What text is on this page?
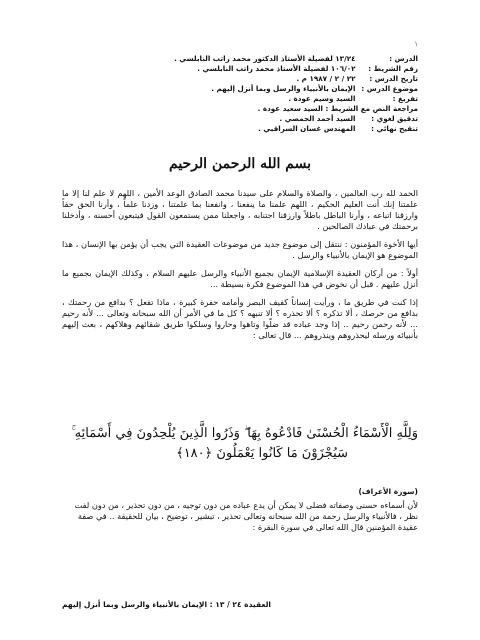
١
الدرس : ١٣/٢٤ لفضيلة الأستاذ الدكتور محمد راتب النابلسي .
رقم الشريط : ١٠٦/٠٢ لفضيلة الأستاذ محمد راتب النابلسي .
تاريخ الدرس : ٢٢ / ٢ / ١٩٨٧ م .
موضوع الدرس : الإيمان بالأنبياء والرسل وبما أنزل إليهم .
تفريغ : السيد وسيم عودة .
مراجعة النص مع الشريط : السيد سعيد عودة .
تدقيق لغوي : السيد أحمد الحمصي .
تنقيح نهائي : المهندس غسان السراقبي .
بسم الله الرحمن الرحيم

الحمد لله رب العالمين ، والصلاة والسلام على سيدنا محمد الصادق الوعد الأمين ، اللهم لا علم لنا إلا ما علمتنا إنك أنت العليم الحكيم ، اللهم علمنا ما ينفعنا ، وانفعنا بما علمتنا ، وزدنا علماً ، وأرنا الحق حقاً وارزقنا اتباعه ، وأرنا الباطل باطلاً وارزقنا اجتنابه ، واجعلنا ممن يستمعون القول فيتبعون أحسنه ، وأدخلنا برحمتك في عبادك الصالحين .

أيها الأخوة المؤمنون : ننتقل إلى موضوع جديد من موضوعات العقيدة التي يجب أن يؤمن بها الإنسان ، هذا الموضوع هو الإيمان بالأنبياء والرسل .

أولاً : من أركان العقيدة الإسلامية الإيمان بجميع الأنبياء والرسل عليهم السلام ، وكذلك الإيمان بجميع ما أنزل عليهم . قبل أن نخوض في هذا الموضوع فكرة بسيطة ...

إذا كنت في طريق ما ، ورأيت إنساناً كفيف البصر وأمامه حفرة كبيرة ، ماذا تفعل ؟ بدافع من رحمتك ، بدافع من حرصك ، ألا تذكره ؟ ألا تحذره ؟ ألا تنبهه ؟ كل ما في الأمر أن الله سبحانه وتعالى ... لأنه رحيم ... لأنه رحمن رحيم .. إذا وجد عباده قد ضلّوا وتاهوا وحاروا وسلكوا طريق شقائهم وهلاكهم ، بعث إليهم بأنبيائه ورسله ليحذروهم وينذروهم ... قال تعالى :

وَلِلَّهِ الْأَسْمَاءُ الْحُسْنَىٰ فَادْعُوهُ بِهَا ۖ وَذَرُوا الَّذِينَ يُلْحِدُونَ فِي أَسْمَائِهِ ۚ
سَيُجْزَوْنَ مَا كَانُوا يَعْمَلُونَ ﴿١٨٠﴾
(سورة الأعراف)
لأن أسماءه حسنى وصفاته فضلى لا يمكن أن يدع عباده من دون توجيه ، من دون تحذير ، من دون لفت نظر ، فالأنبياء والرسل رحمة من الله سبحانه وتعالى تحذير ، تبشير ، توضيح ، بيان للحقيقة .. في صفة عقيدة المؤمنين قال الله تعالى في سورة البقرة :
العقيدة ٢٤ / ١٣ : الإيمان بالأنبياء والرسل وبما أنزل إليهم
